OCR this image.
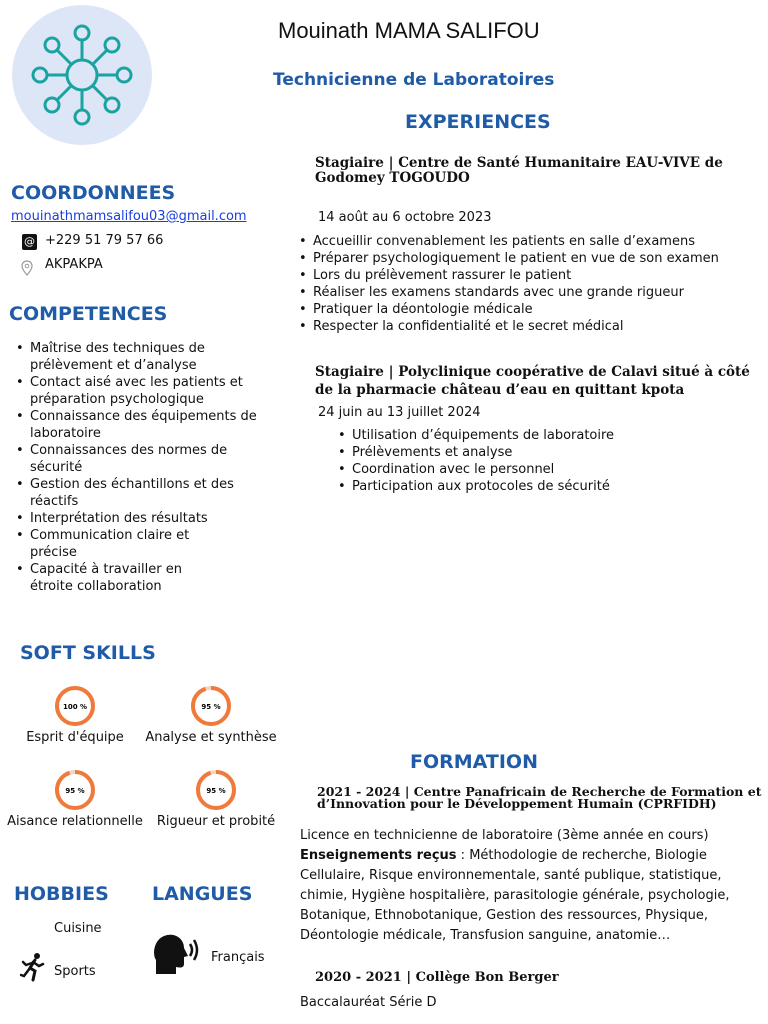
Mouinath MAMA SALIFOU
Technicienne de Laboratoires
COORDONNEES
mouinathmamsalifou03@gmail.com
@ +229 51 79 57 66
AKPAKPA
COMPETENCES
• Maîtrise des techniques de prélèvement et d’analyse
• Contact aisé avec les patients et préparation psychologique
• Connaissance des équipements de laboratoire
• Connaissances des normes de sécurité
• Gestion des échantillons et des réactifs
• Interprétation des résultats
• Communication claire et précise
• Capacité à travailler en étroite collaboration
SOFT SKILLS
100 %
Esprit d'équipe
95 %
Analyse et synthèse
95 %
Aisance relationnelle
95 %
Rigueur et probité
HOBBIES
Cuisine
Sports
LANGUES
Français
EXPERIENCES
Stagiaire | Centre de Santé Humanitaire EAU-VIVE de Godomey TOGOUDO
14 août au 6 octobre 2023
• Accueillir convenablement les patients en salle d’examens
• Préparer psychologiquement le patient en vue de son examen
• Lors du prélèvement rassurer le patient
• Réaliser les examens standards avec une grande rigueur
• Pratiquer la déontologie médicale
• Respecter la confidentialité et le secret médical
Stagiaire | Polyclinique coopérative de Calavi situé à côté de la pharmacie château d’eau en quittant kpota
24 juin au 13 juillet 2024
• Utilisation d’équipements de laboratoire
• Prélèvements et analyse
• Coordination avec le personnel
• Participation aux protocoles de sécurité
FORMATION
2021 - 2024 | Centre Panafricain de Recherche de Formation et d’Innovation pour le Développement Humain (CPRFIDH)
Licence en technicienne de laboratoire (3ème année en cours)
Enseignements reçus : Méthodologie de recherche, Biologie Cellulaire, Risque environnementale, santé publique, statistique, chimie, Hygiène hospitalière, parasitologie générale, psychologie, Botanique, Ethnobotanique, Gestion des ressources, Physique, Déontologie médicale, Transfusion sanguine, anatomie…
2020 - 2021 | Collège Bon Berger
Baccalauréat Série D
